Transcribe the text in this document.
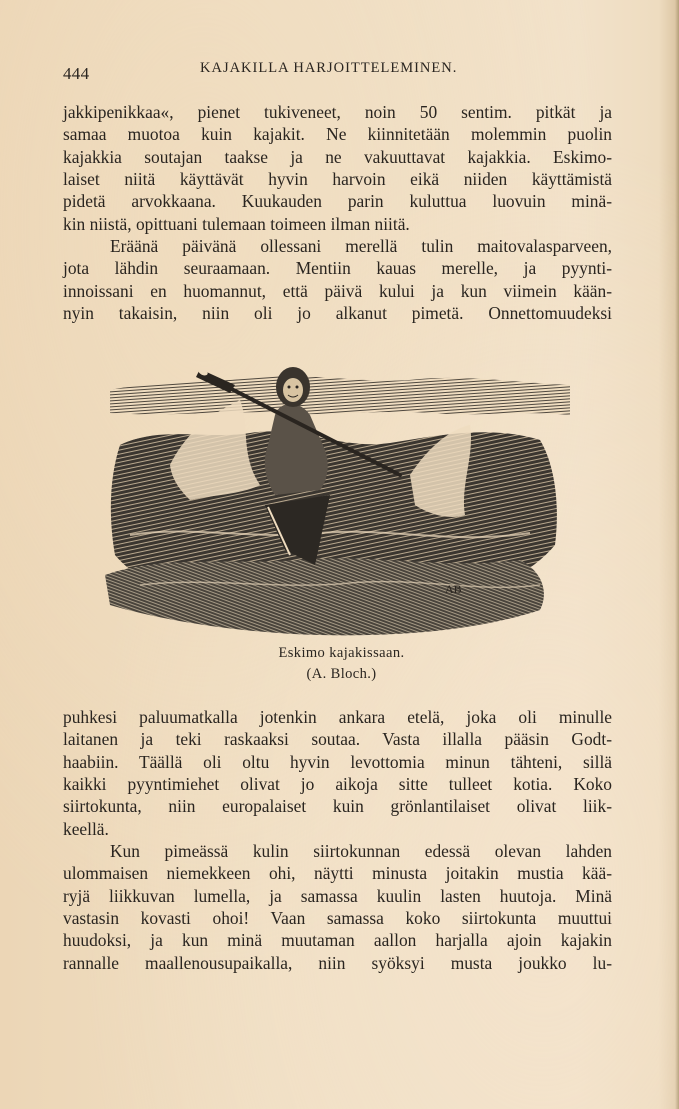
444	KAJAKILLA HARJOITTELEMINEN.
jakkipenikkaa«, pienet tukiveneet, noin 50 sentim. pitkät ja
samaa muotoa kuin kajakit. Ne kiinnitetään molemmin puolin
kajakkia soutajan taakse ja ne vakuuttavat kajakkia. Eskimo-
laiset niitä käyttävät hyvin harvoin eikä niiden käyttämistä
pidetä arvokkaana. Kuukauden parin kuluttua luovuin minä-
kin niistä, opittuani tulemaan toimeen ilman niitä.
Eräänä päivänä ollessani merellä tulin maitovalasparveen,
jota lähdin seuraamaan. Mentiin kauas merelle, ja pyynti-
innoissani en huomannut, että päivä kului ja kun viimein kään-
nyin takaisin, niin oli jo alkanut pimetä. Onnettomuudeksi
AB
Eskimo kajakissaan.
(A. Bloch.)
puhkesi paluumatkalla jotenkin ankara etelä, joka oli minulle
laitanen ja teki raskaaksi soutaa. Vasta illalla pääsin Godt-
haabiin. Täällä oli oltu hyvin levottomia minun tähteni, sillä
kaikki pyyntimiehet olivat jo aikoja sitte tulleet kotia. Koko
siirtokunta, niin europalaiset kuin grönlantilaiset olivat liik-
keellä.
Kun pimeässä kulin siirtokunnan edessä olevan lahden
ulommaisen niemekkeen ohi, näytti minusta joitakin mustia kää-
ryjä liikkuvan lumella, ja samassa kuulin lasten huutoja. Minä
vastasin kovasti ohoi! Vaan samassa koko siirtokunta muuttui
huudoksi, ja kun minä muutaman aallon harjalla ajoin kajakin
rannalle maallenousupaikalla, niin syöksyi musta joukko lu-
